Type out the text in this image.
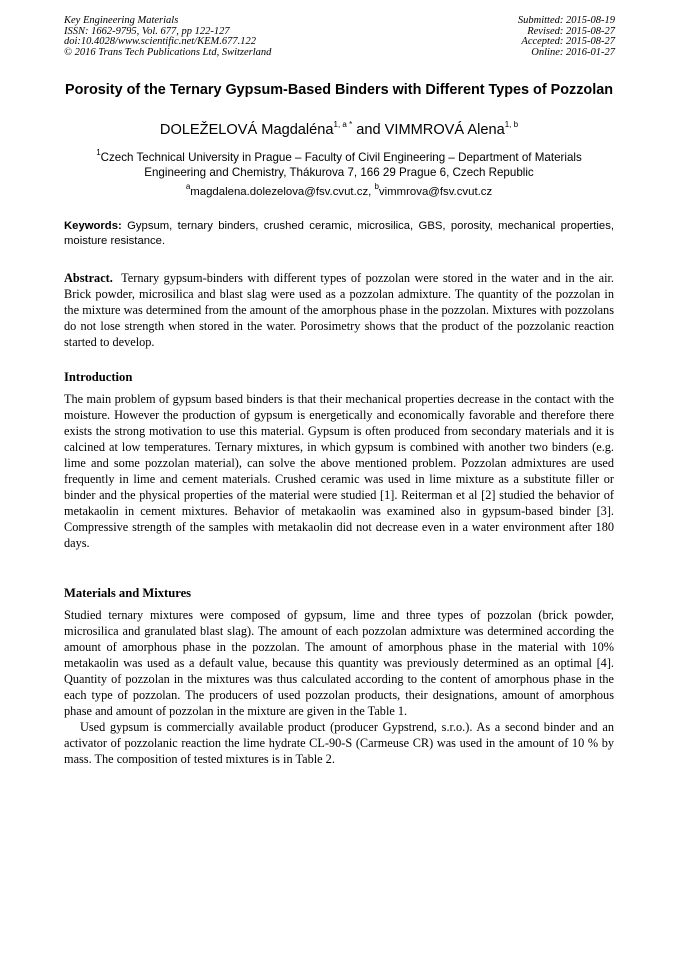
Key Engineering Materials
ISSN: 1662-9795, Vol. 677, pp 122-127
doi:10.4028/www.scientific.net/KEM.677.122
© 2016 Trans Tech Publications Ltd, Switzerland
Submitted: 2015-08-19
Revised: 2015-08-27
Accepted: 2015-08-27
Online: 2016-01-27
Porosity of the Ternary Gypsum-Based Binders with Different Types of Pozzolan
DOLEŽELOVÁ Magdaléna$^{1, a *}$ and VIMMROVÁ Alena$^{1, b}$
$^1$Czech Technical University in Prague – Faculty of Civil Engineering – Department of Materials Engineering and Chemistry, Thákurova 7, 166 29 Prague 6, Czech Republic
$^a$magdalena.dolezelova@fsv.cvut.cz, $^b$vimmrova@fsv.cvut.cz
Keywords: Gypsum, ternary binders, crushed ceramic, microsilica, GBS, porosity, mechanical properties, moisture resistance.

Abstract. Ternary gypsum-binders with different types of pozzolan were stored in the water and in the air. Brick powder, microsilica and blast slag were used as a pozzolan admixture. The quantity of the pozzolan in the mixture was determined from the amount of the amorphous phase in the pozzolan. Mixtures with pozzolans do not lose strength when stored in the water. Porosimetry shows that the product of the pozzolanic reaction started to develop.

Introduction

The main problem of gypsum based binders is that their mechanical properties decrease in the contact with the moisture. However the production of gypsum is energetically and economically favorable and therefore there exists the strong motivation to use this material. Gypsum is often produced from secondary materials and it is calcined at low temperatures. Ternary mixtures, in which gypsum is combined with another two binders (e.g. lime and some pozzolan material), can solve the above mentioned problem. Pozzolan admixtures are used frequently in lime and cement materials. Crushed ceramic was used in lime mixture as a substitute filler or binder and the physical properties of the material were studied [1]. Reiterman et al [2] studied the behavior of metakaolin in cement mixtures. Behavior of metakaolin was examined also in gypsum-based binder [3]. Compressive strength of the samples with metakaolin did not decrease even in a water environment after 180 days.

Materials and Mixtures

Studied ternary mixtures were composed of gypsum, lime and three types of pozzolan (brick powder, microsilica and granulated blast slag). The amount of each pozzolan admixture was determined according the amount of amorphous phase in the pozzolan. The amount of amorphous phase in the material with 10% metakaolin was used as a default value, because this quantity was previously determined as an optimal [4]. Quantity of pozzolan in the mixtures was thus calculated according to the content of amorphous phase in the each type of pozzolan. The producers of used pozzolan products, their designations, amount of amorphous phase and amount of pozzolan in the mixture are given in the Table 1.

Used gypsum is commercially available product (producer Gypstrend, s.r.o.). As a second binder and an activator of pozzolanic reaction the lime hydrate CL-90-S (Carmeuse CR) was used in the amount of 10 % by mass. The composition of tested mixtures is in Table 2.
